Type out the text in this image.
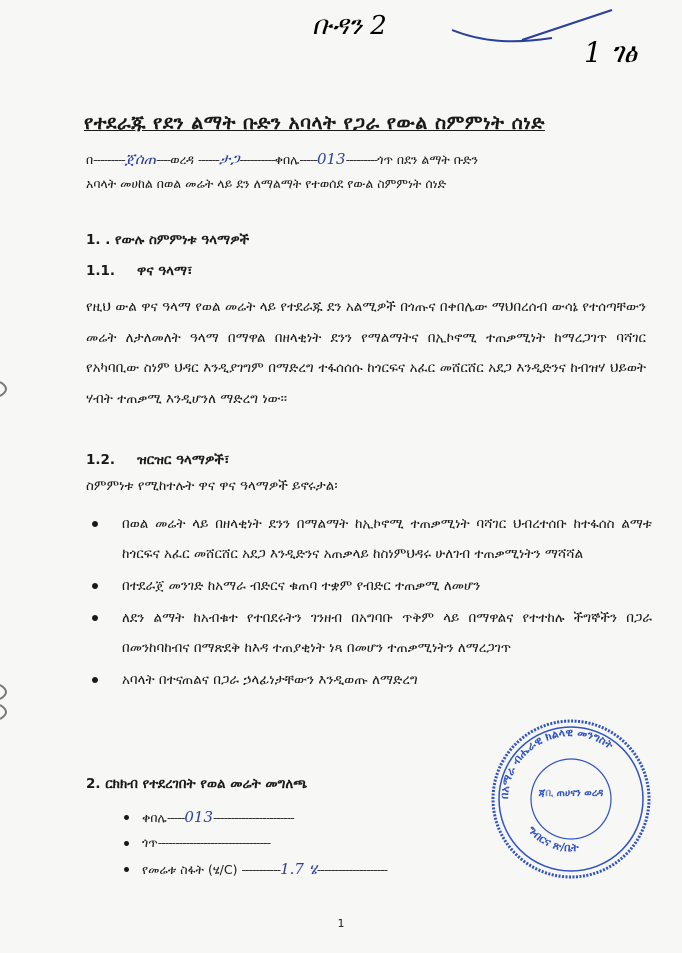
ቡዳን 2
1 ገፅ
የተደራጁ የደን ልማት ቡድን አባላት የጋራ የውል ስምምነት ሰነድ
በ---------ጀሰጠ----ወረዳ ------ታጋ----------ቀበሌ-----013---------ጎጥ በደን ልማት ቡድን
አባላት መሀከል በወል መሬት ላይ ደን ለማልማት የተወሰደ የውል ስምምነት ሰነድ
1. . የውሉ ስምምነቱ ዓላማዎች
1.1. ዋና ዓላማ፣
የዚህ ውል ዋና ዓላማ የወል መሬት ላይ የተደራጁ ደን አልሚዎች በጎጡና በቀበሌው ማህበረሰብ ውሳኔ የተሰጣቸውን መሬት ለታለመለት ዓላማ በማዋል በዘላቂነት ደንን የማልማትና በኢኮኖሚ ተጠቃሚነት ከማረጋገጥ ባሻገር የአካባቢው ስነም ህዳር እንዲያገግም በማድረግ ተፋሰሰሱ ከጎርፍና አፈር መሸርሸር አደጋ እንዲድንና ከብዝሃ ህይወት ሃብት ተጠቃሚ እንዲሆንለ ማድረግ ነው፡፡
1.2. ዝርዝር ዓላማዎች፣
ስምምነቱ የሚከተሉት ዋና ዋና ዓላማዎች ይኖሩታል፡
በወል መሬት ላይ በዘላቂነት ደንን በማልማት ከኢኮኖሚ ተጠቃሚነት ባሻገር ህብረተሰቡ ከተፋሰስ ልማቱ ከጎርፍና አፈር መሸርሸር አደጋ እንዲድንና አጠቃላይ ከስነምህዳሩ ሁለገብ ተጠቃሚነትን ማሻሻል
በተደራጀ መንገድ ከአማራ ብድርና ቁጠባ ተቋም የብድር ተጠቃሚ ለመሆን
ለደን ልማት ከአብቁተ የተበደሩትን ገንዘብ በአግባቡ ጥቅም ላይ በማዋልና የተተከሉ ችግኞችን በጋራ በመንከባከብና በማጽደቅ ከእዳ ተጠያቂነት ነጻ በመሆን ተጠቃሚነትን ለማረጋገጥ
አባላት በተናጠልና በጋራ ኃላፊነታቸውን እንዲወጡ ለማድረግ
2. ርክክብ የተደረገበት የወል መሬት መግለጫ
ቀበሌ-----013-----------------------
ጎጥ--------------------------------
የመሬቱ ስፋት (ሄ/C) -----------1.7 ሄ--------------------
በአማራ ብሔራዊ ክልላዊ መንግስት
ጃቢ ጠሀናን ወረዳ
ግብርና ጽ/ቤት
1
